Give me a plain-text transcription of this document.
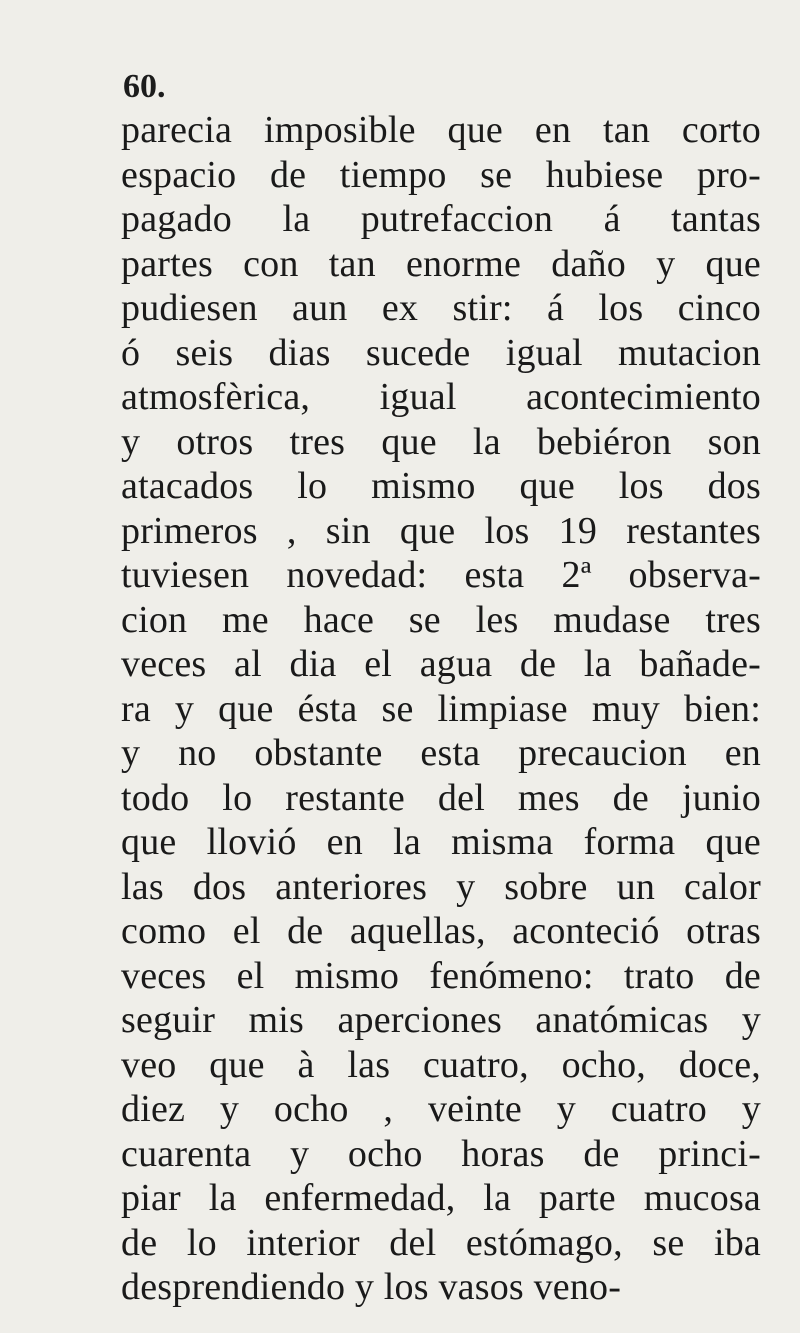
60.
parecia imposible que en tan corto
espacio de tiempo se hubiese pro-
pagado la putrefaccion á tantas
partes con tan enorme daño y que
pudiesen aun ex stir: á los cinco
ó seis dias sucede igual mutacion
atmosfèrica, igual acontecimiento
y otros tres que la bebiéron son
atacados lo mismo que los dos
primeros , sin que los 19 restantes
tuviesen novedad: esta 2ª observa-
cion me hace se les mudase tres
veces al dia el agua de la bañade-
ra y que ésta se limpiase muy bien:
y no obstante esta precaucion en
todo lo restante del mes de junio
que llovió en la misma forma que
las dos anteriores y sobre un calor
como el de aquellas, aconteció otras
veces el mismo fenómeno: trato de
seguir mis aperciones anatómicas y
veo que à las cuatro, ocho, doce,
diez y ocho , veinte y cuatro y
cuarenta y ocho horas de princi-
piar la enfermedad, la parte mucosa
de lo interior del estómago, se iba
desprendiendo y los vasos veno-
